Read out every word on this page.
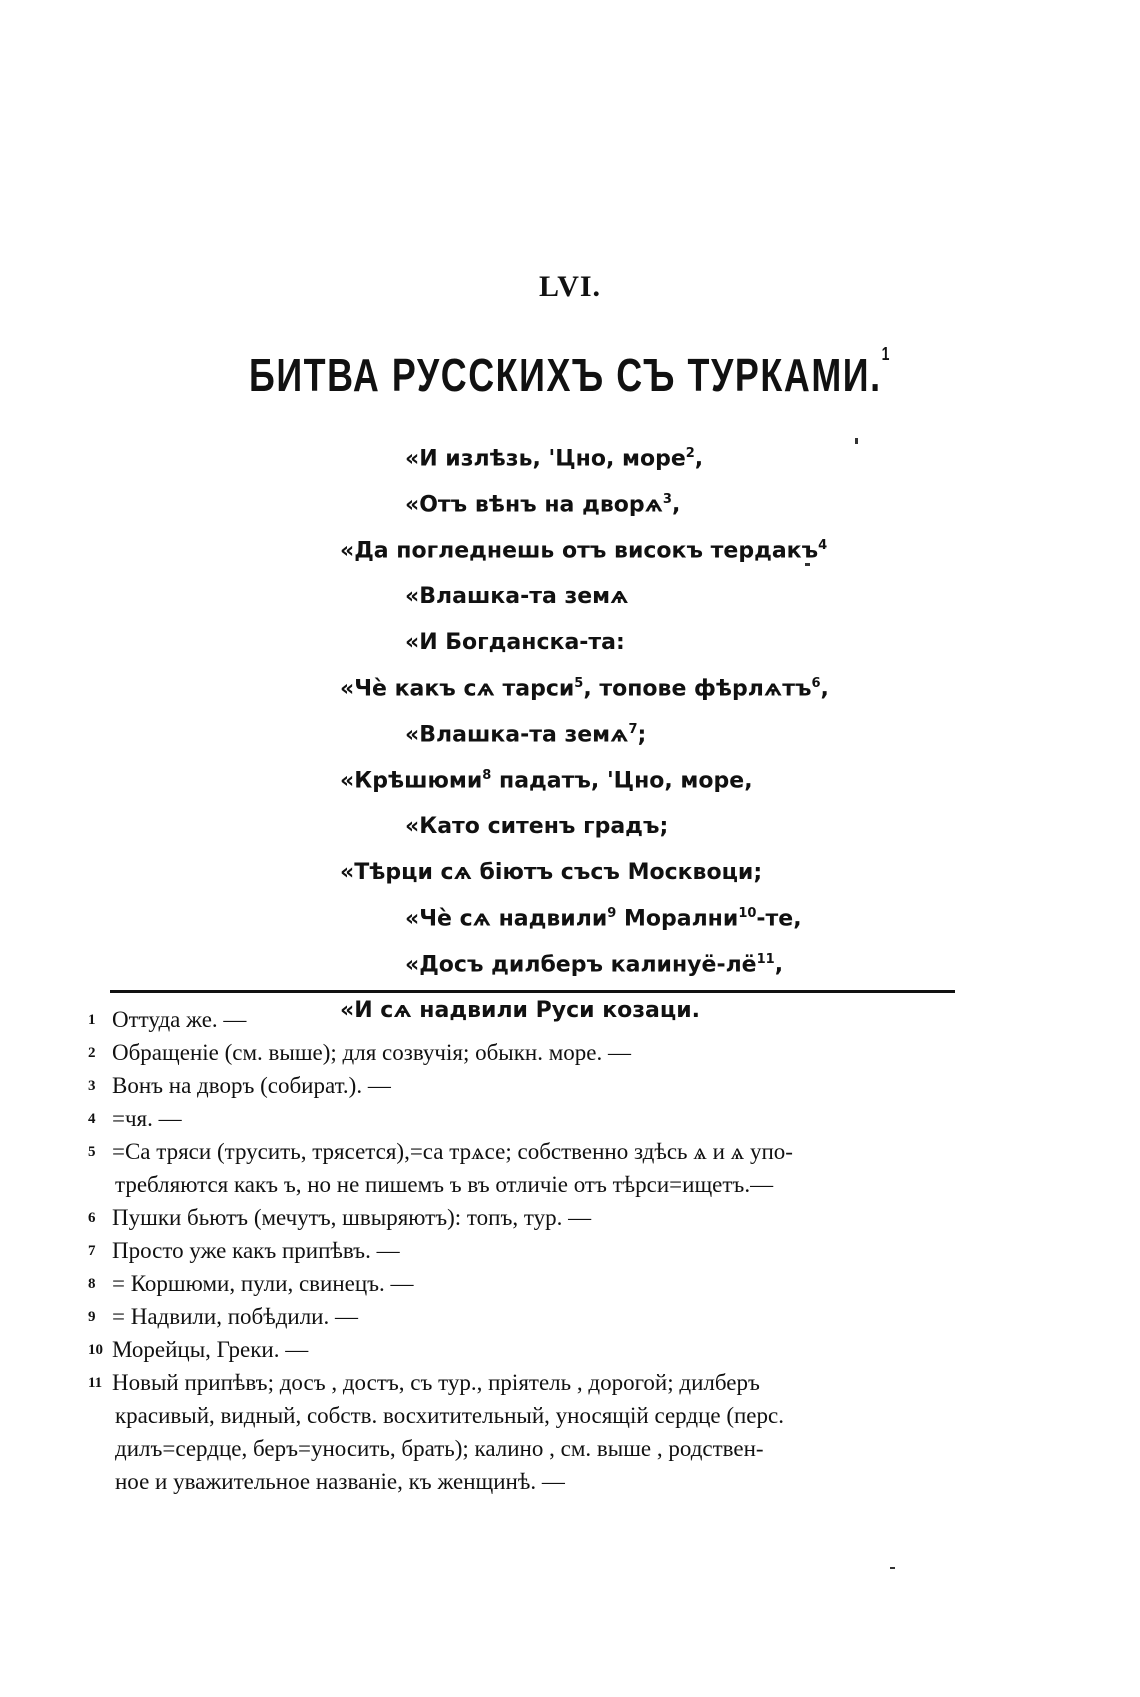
LVI.
БИТВА РУССКИХЪ СЪ ТУРКАМИ.$^1$
«И излѣзь, 'Цно, море$^2$,
«Отъ вѣнъ на дворѧ$^3$,
«Да погледнешь отъ високъ тердакъ$^4$
«Влашка-та земѧ
«И Богданска-та:
«Чѐ какъ сѧ тарси$^5$, топове фѣрлѧтъ$^6$,
«Влашка-та земѧ$^7$;
«Крѣшюми$^8$ падатъ, 'Цно, море,
«Като ситенъ градъ;
«Тѣрци сѧ бiютъ съсъ Москвоци;
«Чѐ сѧ надвили$^9$ Морални$^{10}$-те,
«Досъ дилберъ калинуё-$лё^{11}$,
«И сѧ надвили Руси козаци.
1 Оттуда же. —
2 Обращеніе (см. выше); для созвучія; обыкн. море. —
3 Вонъ на дворъ (собират.). —
4 =чя. —
5 =Са тряси (трусить, трясется),=са трѧсе; собственно здѣсь ѧ и ѧ упо-
требляются какъ ъ, но не пишемъ ъ въ отличіе отъ тѣрси=ищетъ.—
6 Пушки бьютъ (мечутъ, швыряютъ): топъ, тур. —
7 Просто уже какъ припѣвъ. —
8 = Коршюми, пули, свинецъ. —
9 = Надвили, побѣдили. —
10 Морейцы, Греки. —
11 Новый припѣвъ; досъ , достъ, съ тур., пріятель , дорогой; дилберъ
красивый, видный, собств. восхитительный, уносящій сердце (перс.
дилъ=сердце, беръ=уносить, брать); калино , см. выше , родствен-
ное и уважительное названіе, къ женщинѣ. —
